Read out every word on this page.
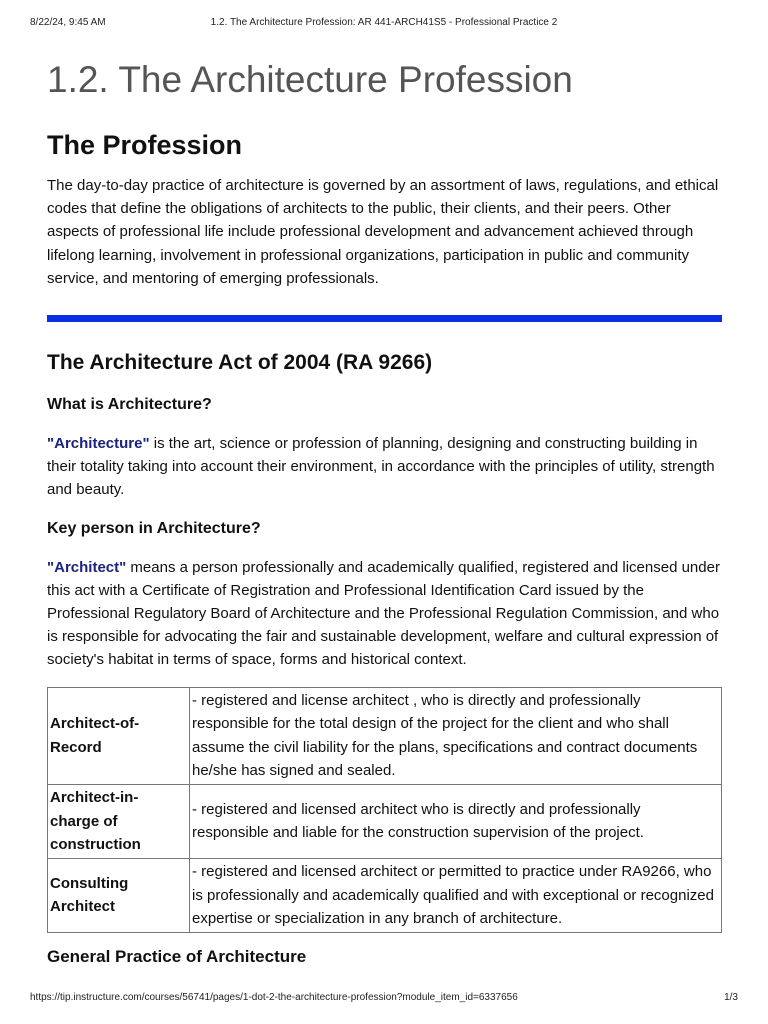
8/22/24, 9:45 AM	1.2. The Architecture Profession: AR 441-ARCH41S5 - Professional Practice 2
1.2. The Architecture Profession
The Profession

The day-to-day practice of architecture is governed by an assortment of laws, regulations, and ethical codes that define the obligations of architects to the public, their clients, and their peers. Other aspects of professional life include professional development and advancement achieved through lifelong learning, involvement in professional organizations, participation in public and community service, and mentoring of emerging professionals.

The Architecture Act of 2004 (RA 9266)
What is Architecture?

"Architecture" is the art, science or profession of planning, designing and constructing building in their totality taking into account their environment, in accordance with the principles of utility, strength and beauty.

Key person in Architecture?

"Architect" means a person professionally and academically qualified, registered and licensed under this act with a Certificate of Registration and Professional Identification Card issued by the Professional Regulatory Board of Architecture and the Professional Regulation Commission, and who is responsible for advocating the fair and sustainable development, welfare and cultural expression of society's habitat in terms of space, forms and historical context.

Architect-of-Record	- registered and license architect , who is directly and professionally responsible for the total design of the project for the client and who shall assume the civil liability for the plans, specifications and contract documents he/she has signed and sealed.
Architect-in-charge of construction	- registered and licensed architect who is directly and professionally responsible and liable for the construction supervision of the project.
Consulting Architect	- registered and licensed architect or permitted to practice under RA9266, who is professionally and academically qualified and with exceptional or recognized expertise or specialization in any branch of architecture.
General Practice of Architecture
https://tip.instructure.com/courses/56741/pages/1-dot-2-the-architecture-profession?module_item_id=6337656	1/3
